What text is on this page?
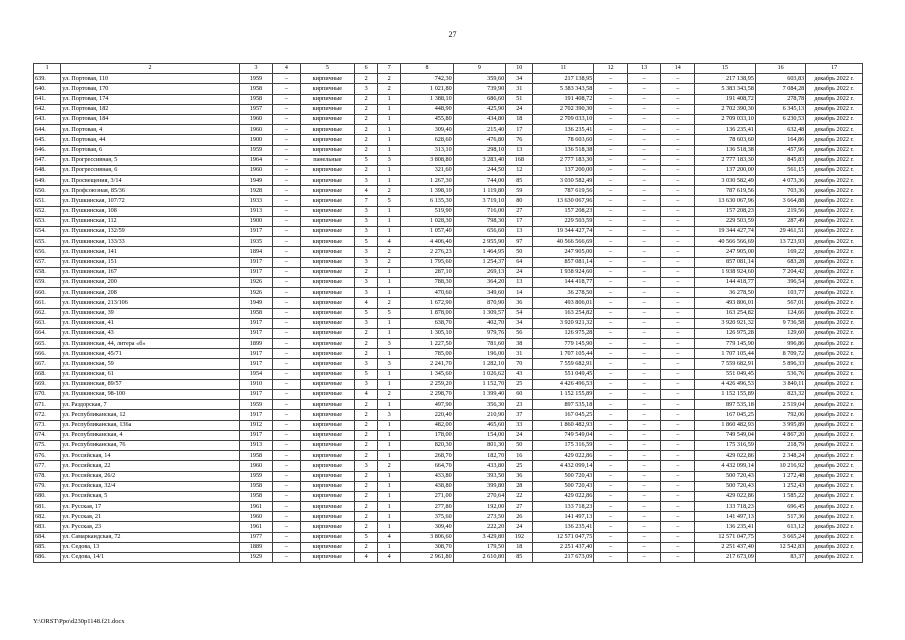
27
1	2	3	4	5	6	7	8	9	10	11	12	13	14	15	16	17
639.	ул. Портовая, 110	1959	–	кирпичные	2	2	742,30	359,60	34	217 138,95	–	–	–	217 138,95	603,83	декабрь 2022 г.
640.	ул. Портовая, 170	1958	–	кирпичные	3	2	1 021,80	739,90	31	5 383 343,58	–	–	–	5 383 343,58	7 084,28	декабрь 2022 г.
641.	ул. Портовая, 174	1958	–	кирпичные	2	1	1 388,10	686,60	51	191 408,72	–	–	–	191 408,72	278,78	декабрь 2022 г.
642.	ул. Портовая, 182	1957	–	кирпичные	2	1	448,90	425,90	24	2 702 390,30	–	–	–	2 702 390,30	6 345,13	декабрь 2022 г.
643.	ул. Портовая, 184	1960	–	кирпичные	2	1	455,80	434,80	18	2 709 033,10	–	–	–	2 709 033,10	6 230,53	декабрь 2022 г.
644.	ул. Портовая, 4	1960	–	кирпичные	2	1	309,40	215,40	17	136 235,41	–	–	–	136 235,41	632,48	декабрь 2022 г.
645.	ул. Портовая, 44	1900	–	кирпичные	2	1	628,60	476,80	76	78 603,60	–	–	–	78 603,60	164,86	декабрь 2022 г.
646.	ул. Портовая, 6	1959	–	кирпичные	2	1	313,10	298,10	13	136 518,38	–	–	–	136 518,38	457,96	декабрь 2022 г.
647.	ул. Прогрессивная, 5	1964	–	панельные	5	3	3 808,80	3 283,40	168	2 777 183,30	–	–	–	2 777 183,30	845,83	декабрь 2022 г.
648.	ул. Прогрессивная, 6	1960	–	кирпичные	2	1	321,60	244,50	12	137 200,00	–	–	–	137 200,00	561,15	декабрь 2022 г.
649.	ул. Просвещения, 3/14	1949	–	кирпичные	3	1	1 267,30	744,00	85	3 030 582,49	–	–	–	3 030 582,49	4 073,36	декабрь 2022 г.
650.	ул. Профсоюзная, 85/36	1928	–	кирпичные	4	2	1 398,10	1 119,80	59	787 619,56	–	–	–	787 619,56	703,36	декабрь 2022 г.
651.	ул. Пушкинская, 107/72	1933	–	кирпичные	7	5	6 135,30	3 719,10	80	13 630 067,96	–	–	–	13 630 067,96	3 664,88	декабрь 2022 г.
652.	ул. Пушкинская, 108	1913	–	кирпичные	3	1	519,90	716,00	27	157 208,23	–	–	–	157 208,23	219,56	декабрь 2022 г.
653.	ул. Пушкинская, 112	1900	–	кирпичные	3	1	1 028,30	798,30	17	229 503,59	–	–	–	229 503,59	287,49	декабрь 2022 г.
654.	ул. Пушкинская, 132/59	1917	–	кирпичные	3	1	1 057,40	656,60	13	19 344 427,74	–	–	–	19 344 427,74	29 461,51	декабрь 2022 г.
655.	ул. Пушкинская, 133/33	1935	–	кирпичные	5	4	4 406,40	2 955,90	97	40 566 566,69	–	–	–	40 566 566,69	13 723,93	декабрь 2022 г.
656.	ул. Пушкинская, 141	1894	–	кирпичные	3	2	2 276,23	1 464,95	50	247 905,00	–	–	–	247 905,00	169,22	декабрь 2022 г.
657.	ул. Пушкинская, 151	1917	–	кирпичные	3	2	1 795,60	1 254,37	64	857 081,14	–	–	–	857 081,14	683,28	декабрь 2022 г.
658.	ул. Пушкинская, 167	1917	–	кирпичные	2	1	287,10	269,13	24	1 938 924,60	–	–	–	1 938 924,60	7 204,42	декабрь 2022 г.
659.	ул. Пушкинская, 200	1926	–	кирпичные	3	1	788,30	364,20	13	144 418,77	–	–	–	144 418,77	396,54	декабрь 2022 г.
660.	ул. Пушкинская, 208	1926	–	кирпичные	3	1	470,60	349,60	14	36 278,50	–	–	–	36 278,50	103,77	декабрь 2022 г.
661.	ул. Пушкинская, 213/106	1949	–	кирпичные	4	2	1 672,90	870,90	36	493 806,01	–	–	–	493 806,01	567,01	декабрь 2022 г.
662.	ул. Пушкинская, 39	1958	–	кирпичные	5	5	1 878,00	1 309,57	54	163 254,82	–	–	–	163 254,82	124,66	декабрь 2022 г.
663.	ул. Пушкинская, 41	1917	–	кирпичные	3	1	638,70	402,70	34	3 920 921,32	–	–	–	3 920 921,32	9 736,58	декабрь 2022 г.
664.	ул. Пушкинская, 43	1917	–	кирпичные	2	1	1 305,10	979,76	56	126 975,28	–	–	–	126 975,28	129,60	декабрь 2022 г.
665.	ул. Пушкинская, 44, литера «б»	1899	–	кирпичные	2	3	1 227,50	781,60	38	779 145,90	–	–	–	779 145,90	996,86	декабрь 2022 г.
666.	ул. Пушкинская, 45/71	1917	–	кирпичные	2	1	785,00	196,00	31	1 707 105,44	–	–	–	1 707 105,44	8 709,72	декабрь 2022 г.
667.	ул. Пушкинская, 59	1917	–	кирпичные	3	3	2 241,70	1 282,10	70	7 559 682,91	–	–	–	7 559 682,91	5 896,33	декабрь 2022 г.
668.	ул. Пушкинская, 61	1954	–	кирпичные	5	1	1 345,60	1 026,62	43	551 049,45	–	–	–	551 049,45	536,76	декабрь 2022 г.
669.	ул. Пушкинская, 89/57	1910	–	кирпичные	3	1	2 259,20	1 152,70	25	4 426 496,53	–	–	–	4 426 496,53	3 840,11	декабрь 2022 г.
670.	ул. Пушкинская, 98-100	1917	–	кирпичные	4	2	2 298,70	1 399,40	60	1 152 155,89	–	–	–	1 152 155,89	823,32	декабрь 2022 г.
671.	ул. Раздорская, 7	1959	–	кирпичные	2	1	497,90	356,30	23	897 535,18	–	–	–	897 535,18	2 519,04	декабрь 2022 г.
672.	ул. Республиканская, 12	1917	–	кирпичные	2	3	220,40	210,90	37	167 045,25	–	–	–	167 045,25	792,06	декабрь 2022 г.
673.	ул. Республиканская, 136а	1912	–	кирпичные	2	1	482,00	465,60	33	1 860 482,93	–	–	–	1 860 482,93	3 995,89	декабрь 2022 г.
674.	ул. Республиканская, 4	1917	–	кирпичные	2	1	178,00	154,00	24	749 549,04	–	–	–	749 549,04	4 867,20	декабрь 2022 г.
675.	ул. Республиканская, 76	1913	–	кирпичные	2	1	820,30	801,30	50	175 316,59	–	–	–	175 316,59	218,79	декабрь 2022 г.
676.	ул. Российская, 14	1958	–	кирпичные	2	1	268,70	182,70	16	429 022,86	–	–	–	429 022,86	2 348,24	декабрь 2022 г.
677.	ул. Российская, 22	1960	–	кирпичные	3	2	664,70	433,80	25	4 432 099,14	–	–	–	4 432 099,14	10 216,92	декабрь 2022 г.
678.	ул. Российская, 26/2	1959	–	кирпичные	2	1	433,80	393,50	36	500 720,43	–	–	–	500 720,43	1 272,48	декабрь 2022 г.
679.	ул. Российская, 32/4	1958	–	кирпичные	2	1	438,80	399,80	28	500 720,43	–	–	–	500 720,43	1 252,43	декабрь 2022 г.
680.	ул. Российская, 5	1958	–	кирпичные	2	1	271,00	270,64	22	429 022,86	–	–	–	429 022,86	1 585,22	декабрь 2022 г.
681.	ул. Русская, 17	1961	–	кирпичные	2	1	277,80	192,00	27	133 718,23	–	–	–	133 718,23	696,45	декабрь 2022 г.
682.	ул. Русская, 21	1960	–	кирпичные	2	1	375,60	273,50	26	141 497,13	–	–	–	141 497,13	517,36	декабрь 2022 г.
683.	ул. Русская, 23	1961	–	кирпичные	2	1	309,40	222,20	24	136 235,41	–	–	–	136 235,41	613,12	декабрь 2022 г.
684.	ул. Самаркандская, 72	1977	–	кирпичные	5	4	3 806,60	3 429,80	192	12 571 047,75	–	–	–	12 571 047,75	3 665,24	декабрь 2022 г.
685.	ул. Седова, 13	1889	–	кирпичные	2	1	308,70	179,50	18	2 251 437,40	–	–	–	2 251 437,40	12 542,83	декабрь 2022 г.
686.	ул. Седова, 14/1	1929	–	кирпичные	4	4	2 961,80	2 610,80	85	217 673,09	–	–	–	217 673,09	83,37	декабрь 2022 г.
Y:\ORST\Ppo\d230p1148.f21.docx
